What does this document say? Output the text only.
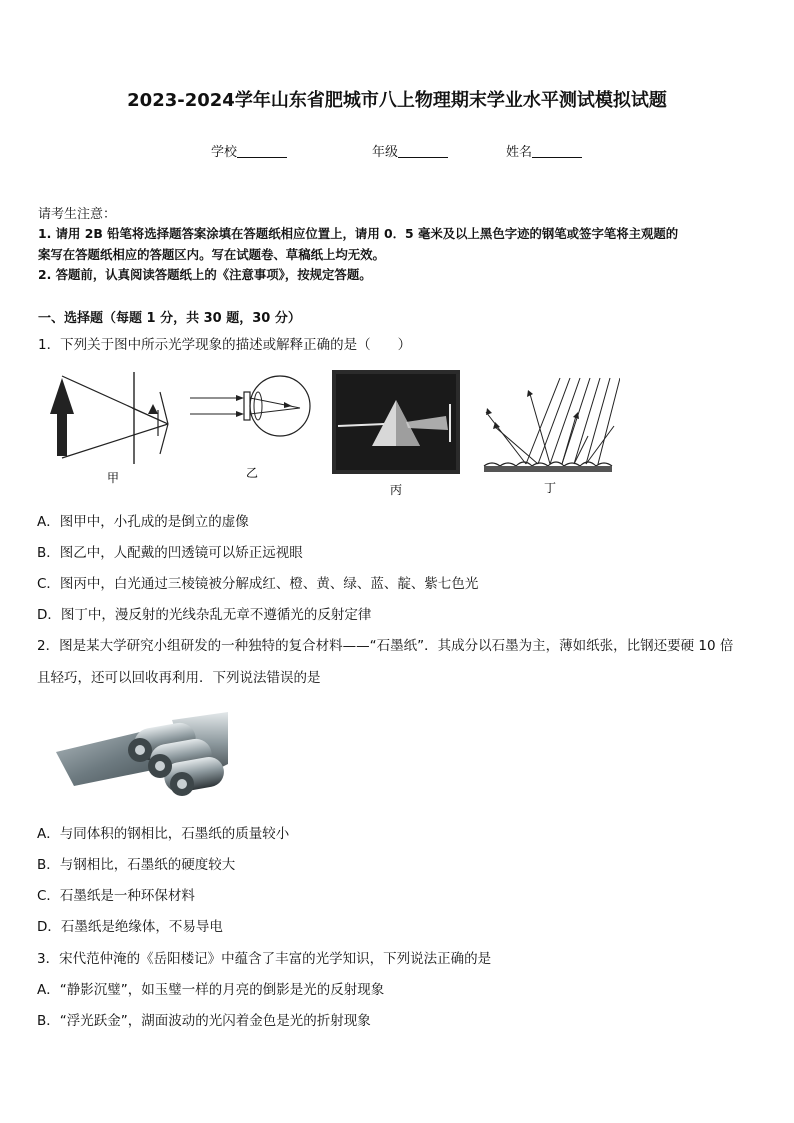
2023-2024学年山东省肥城市八上物理期末学业水平测试模拟试题
学校	年级	姓名
请考生注意：
1. 请用 2B 铅笔将选择题答案涂填在答题纸相应位置上，请用 0．5 毫米及以上黑色字迹的钢笔或签字笔将主观题的
案写在答题纸相应的答题区内。写在试题卷、草稿纸上均无效。
2. 答题前，认真阅读答题纸上的《注意事项》，按规定答题。
一、选择题（每题 1 分，共 30 题，30 分）
1．下列关于图中所示光学现象的描述或解释正确的是（　　）
甲	乙
丙	丁
A．图甲中，小孔成的是倒立的虚像
B．图乙中，人配戴的凹透镜可以矫正远视眼
C．图丙中，白光通过三棱镜被分解成红、橙、黄、绿、蓝、靛、紫七色光
D．图丁中，漫反射的光线杂乱无章不遵循光的反射定律
2．图是某大学研究小组研发的一种独特的复合材料——“石墨纸”．其成分以石墨为主，薄如纸张，比钢还要硬 10 倍
且轻巧，还可以回收再利用．下列说法错误的是
A．与同体积的钢相比，石墨纸的质量较小
B．与钢相比，石墨纸的硬度较大
C．石墨纸是一种环保材料
D．石墨纸是绝缘体，不易导电
3．宋代范仲淹的《岳阳楼记》中蕴含了丰富的光学知识，下列说法正确的是
A．“静影沉璧”，如玉璧一样的月亮的倒影是光的反射现象
B．“浮光跃金”，湖面波动的光闪着金色是光的折射现象
